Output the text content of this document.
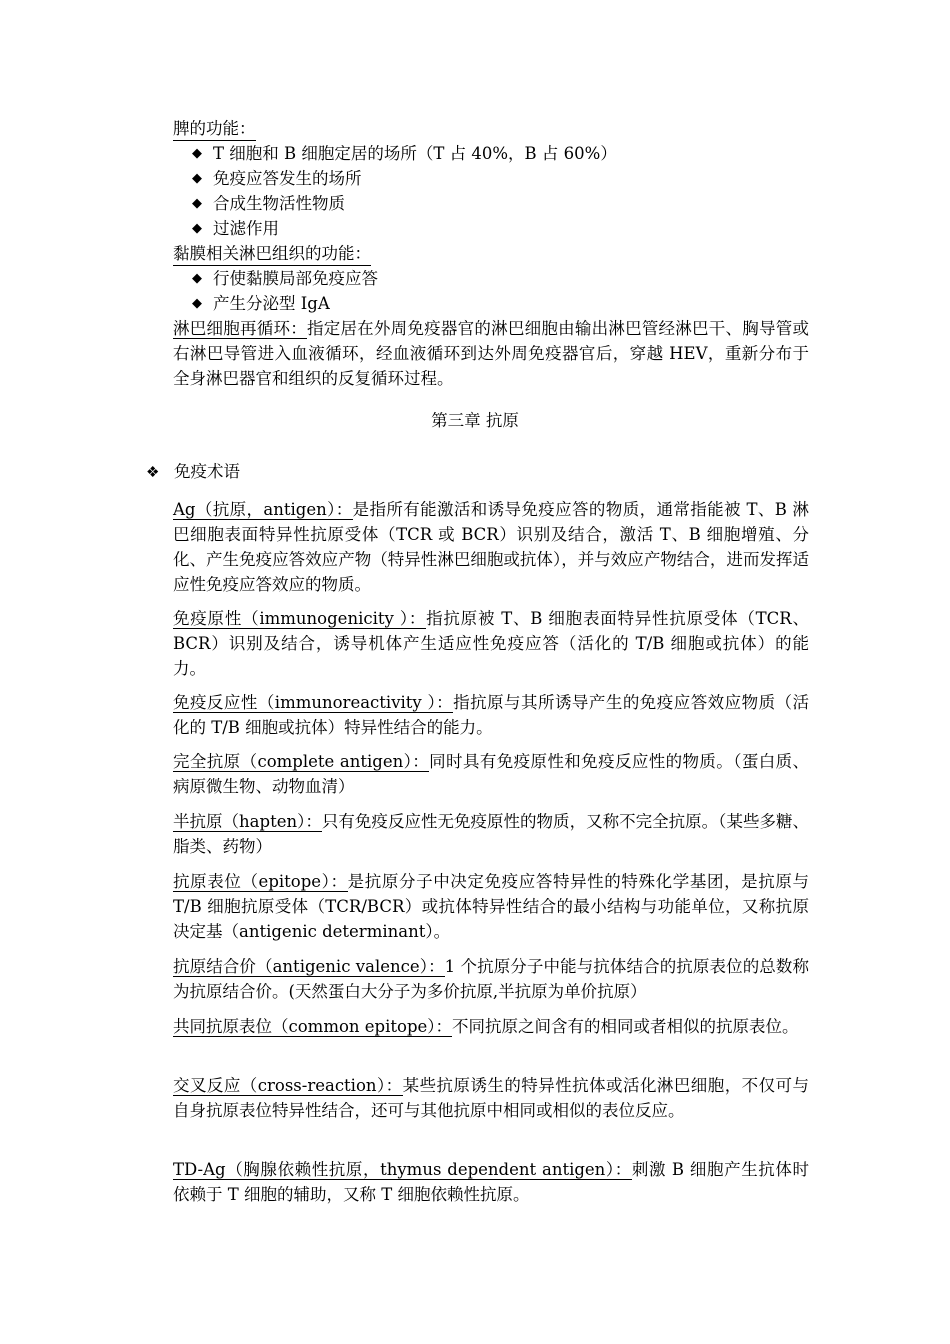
脾的功能：
◆ T 细胞和 B 细胞定居的场所（T 占 40%，B 占 60%）
◆ 免疫应答发生的场所
◆ 合成生物活性物质
◆ 过滤作用
黏膜相关淋巴组织的功能：
◆ 行使黏膜局部免疫应答
◆ 产生分泌型 IgA
淋巴细胞再循环：指定居在外周免疫器官的淋巴细胞由输出淋巴管经淋巴干、胸导管或右淋巴导管进入血液循环，经血液循环到达外周免疫器官后，穿越 HEV，重新分布于全身淋巴器官和组织的反复循环过程。
第三章 抗原
❖ 免疫术语
Ag（抗原，antigen）：是指所有能激活和诱导免疫应答的物质，通常指能被 T、B 淋巴细胞表面特异性抗原受体（TCR 或 BCR）识别及结合，激活 T、B 细胞增殖、分化、产生免疫应答效应产物（特异性淋巴细胞或抗体），并与效应产物结合，进而发挥适应性免疫应答效应的物质。
免疫原性（immunogenicity ）：指抗原被 T、B 细胞表面特异性抗原受体（TCR、BCR）识别及结合，诱导机体产生适应性免疫应答（活化的 T/B 细胞或抗体）的能力。
免疫反应性（immunoreactivity ）：指抗原与其所诱导产生的免疫应答效应物质（活化的 T/B 细胞或抗体）特异性结合的能力。
完全抗原（complete antigen）：同时具有免疫原性和免疫反应性的物质。（蛋白质、病原微生物、动物血清）
半抗原（hapten）：只有免疫反应性无免疫原性的物质，又称不完全抗原。（某些多糖、脂类、药物）
抗原表位（epitope）：是抗原分子中决定免疫应答特异性的特殊化学基团，是抗原与 T/B 细胞抗原受体（TCR/BCR）或抗体特异性结合的最小结构与功能单位，又称抗原决定基（antigenic determinant）。
抗原结合价（antigenic valence）：1 个抗原分子中能与抗体结合的抗原表位的总数称为抗原结合价。(天然蛋白大分子为多价抗原,半抗原为单价抗原）
共同抗原表位（common epitope）：不同抗原之间含有的相同或者相似的抗原表位。
交叉反应（cross-reaction）：某些抗原诱生的特异性抗体或活化淋巴细胞，不仅可与自身抗原表位特异性结合，还可与其他抗原中相同或相似的表位反应。
TD-Ag（胸腺依赖性抗原，thymus dependent antigen）：刺激 B 细胞产生抗体时依赖于 T 细胞的辅助，又称 T 细胞依赖性抗原。
